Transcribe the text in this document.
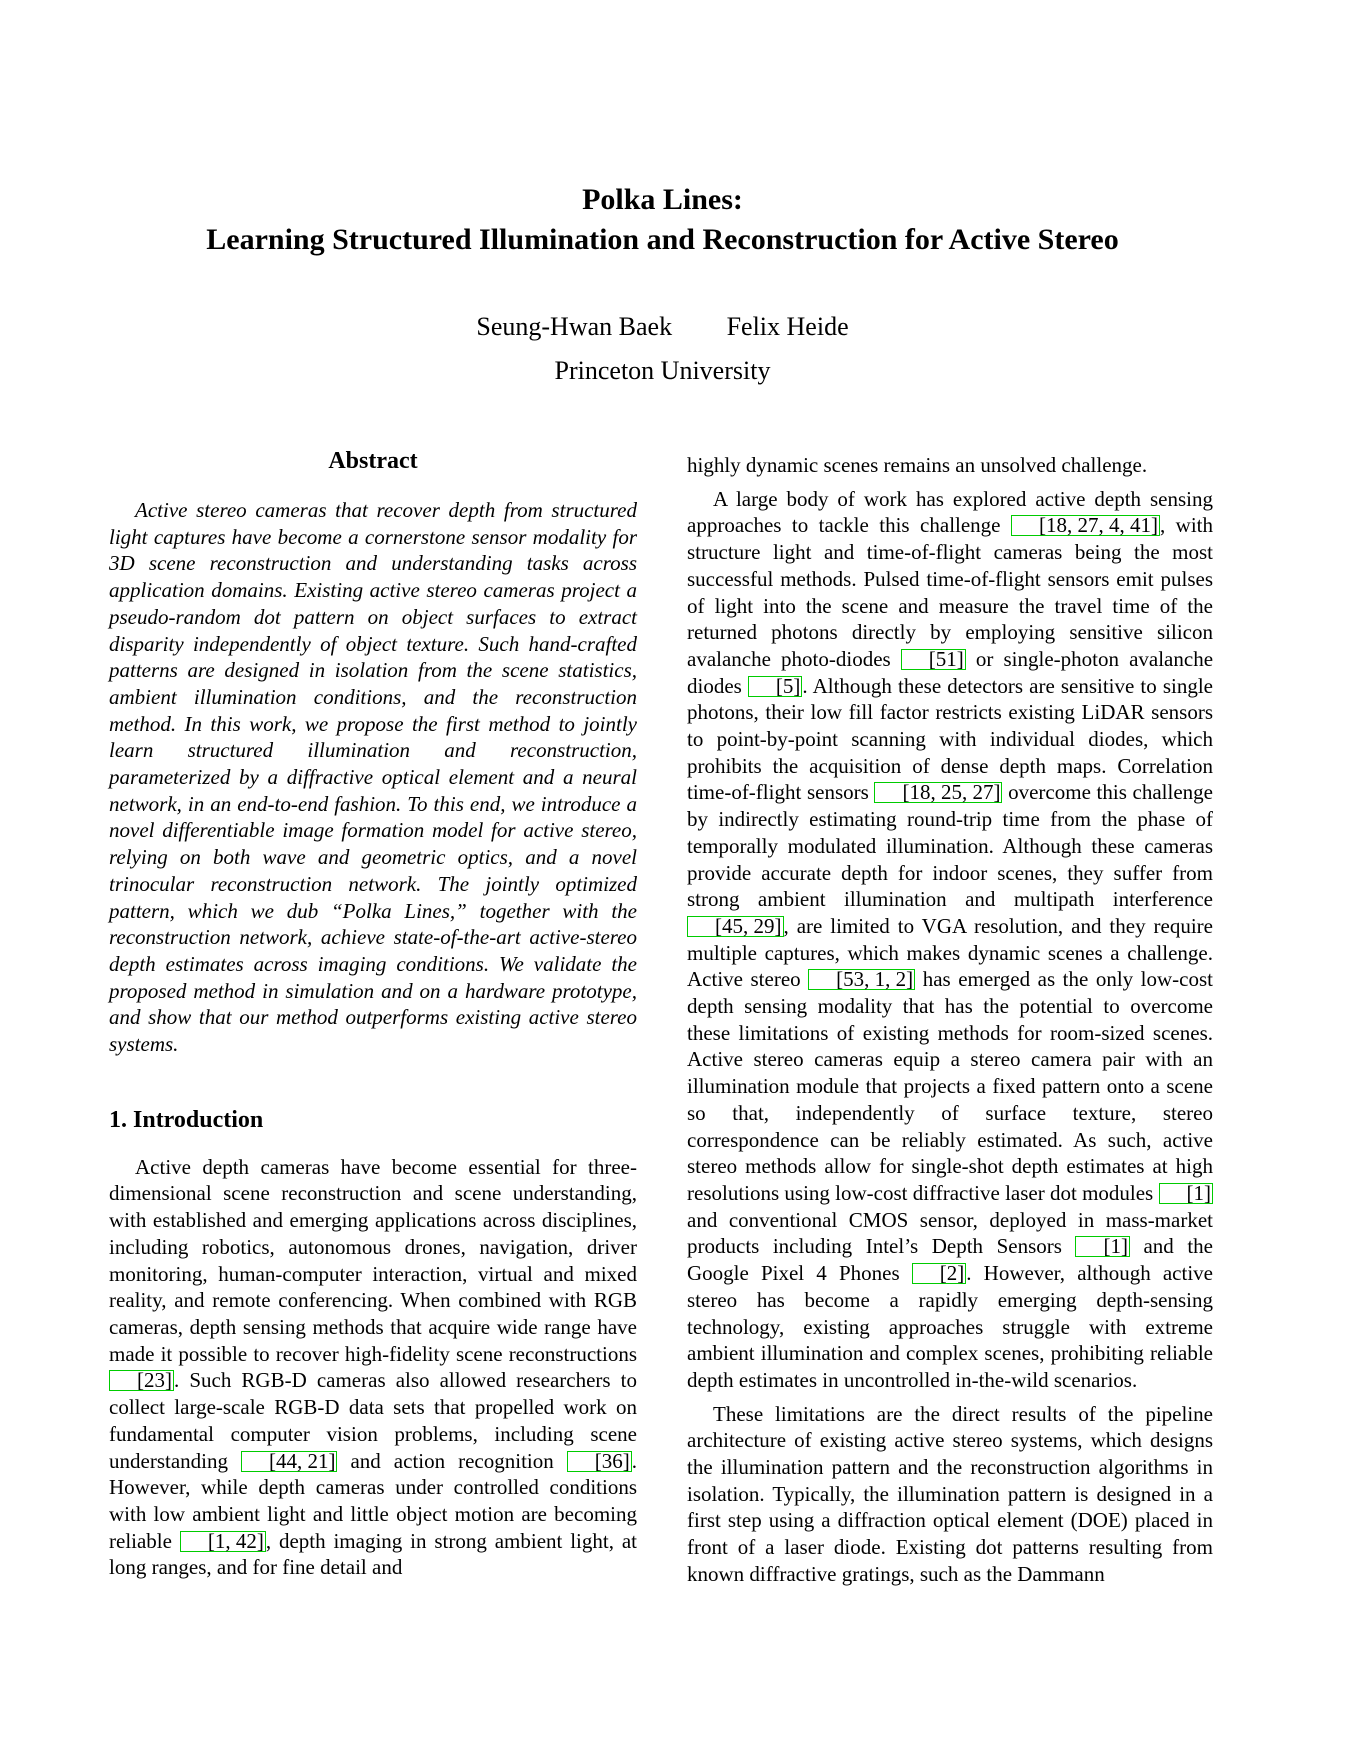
Polka Lines:
Learning Structured Illumination and Reconstruction for Active Stereo
Seung-Hwan Baek Felix Heide
Princeton University
Abstract

Active stereo cameras that recover depth from structured light captures have become a cornerstone sensor modality for 3D scene reconstruction and understanding tasks across application domains. Existing active stereo cameras project a pseudo-random dot pattern on object surfaces to extract disparity independently of object texture. Such hand-crafted patterns are designed in isolation from the scene statistics, ambient illumination conditions, and the reconstruction method. In this work, we propose the first method to jointly learn structured illumination and reconstruction, parameterized by a diffractive optical element and a neural network, in an end-to-end fashion. To this end, we introduce a novel differentiable image formation model for active stereo, relying on both wave and geometric optics, and a novel trinocular reconstruction network. The jointly optimized pattern, which we dub “Polka Lines,” together with the reconstruction network, achieve state-of-the-art active-stereo depth estimates across imaging conditions. We validate the proposed method in simulation and on a hardware prototype, and show that our method outperforms existing active stereo systems.

1. Introduction

Active depth cameras have become essential for three-dimensional scene reconstruction and scene understanding, with established and emerging applications across disciplines, including robotics, autonomous drones, navigation, driver monitoring, human-computer interaction, virtual and mixed reality, and remote conferencing. When combined with RGB cameras, depth sensing methods that acquire wide range have made it possible to recover high-fidelity scene reconstructions [23]. Such RGB-D cameras also allowed researchers to collect large-scale RGB-D data sets that propelled work on fundamental computer vision problems, including scene understanding [44, 21] and action recognition [36]. However, while depth cameras under controlled conditions with low ambient light and little object motion are becoming reliable [1, 42], depth imaging in strong ambient light, at long ranges, and for fine detail and

highly dynamic scenes remains an unsolved challenge.

A large body of work has explored active depth sensing approaches to tackle this challenge [18, 27, 4, 41], with structure light and time-of-flight cameras being the most successful methods. Pulsed time-of-flight sensors emit pulses of light into the scene and measure the travel time of the returned photons directly by employing sensitive silicon avalanche photo-diodes [51] or single-photon avalanche diodes [5]. Although these detectors are sensitive to single photons, their low fill factor restricts existing LiDAR sensors to point-by-point scanning with individual diodes, which prohibits the acquisition of dense depth maps. Correlation time-of-flight sensors [18, 25, 27] overcome this challenge by indirectly estimating round-trip time from the phase of temporally modulated illumination. Although these cameras provide accurate depth for indoor scenes, they suffer from strong ambient illumination and multipath interference [45, 29], are limited to VGA resolution, and they require multiple captures, which makes dynamic scenes a challenge. Active stereo [53, 1, 2] has emerged as the only low-cost depth sensing modality that has the potential to overcome these limitations of existing methods for room-sized scenes. Active stereo cameras equip a stereo camera pair with an illumination module that projects a fixed pattern onto a scene so that, independently of surface texture, stereo correspondence can be reliably estimated. As such, active stereo methods allow for single-shot depth estimates at high resolutions using low-cost diffractive laser dot modules [1] and conventional CMOS sensor, deployed in mass-market products including Intel’s Depth Sensors [1] and the Google Pixel 4 Phones [2]. However, although active stereo has become a rapidly emerging depth-sensing technology, existing approaches struggle with extreme ambient illumination and complex scenes, prohibiting reliable depth estimates in uncontrolled in-the-wild scenarios.

These limitations are the direct results of the pipeline architecture of existing active stereo systems, which designs the illumination pattern and the reconstruction algorithms in isolation. Typically, the illumination pattern is designed in a first step using a diffraction optical element (DOE) placed in front of a laser diode. Existing dot patterns resulting from known diffractive gratings, such as the Dammann
